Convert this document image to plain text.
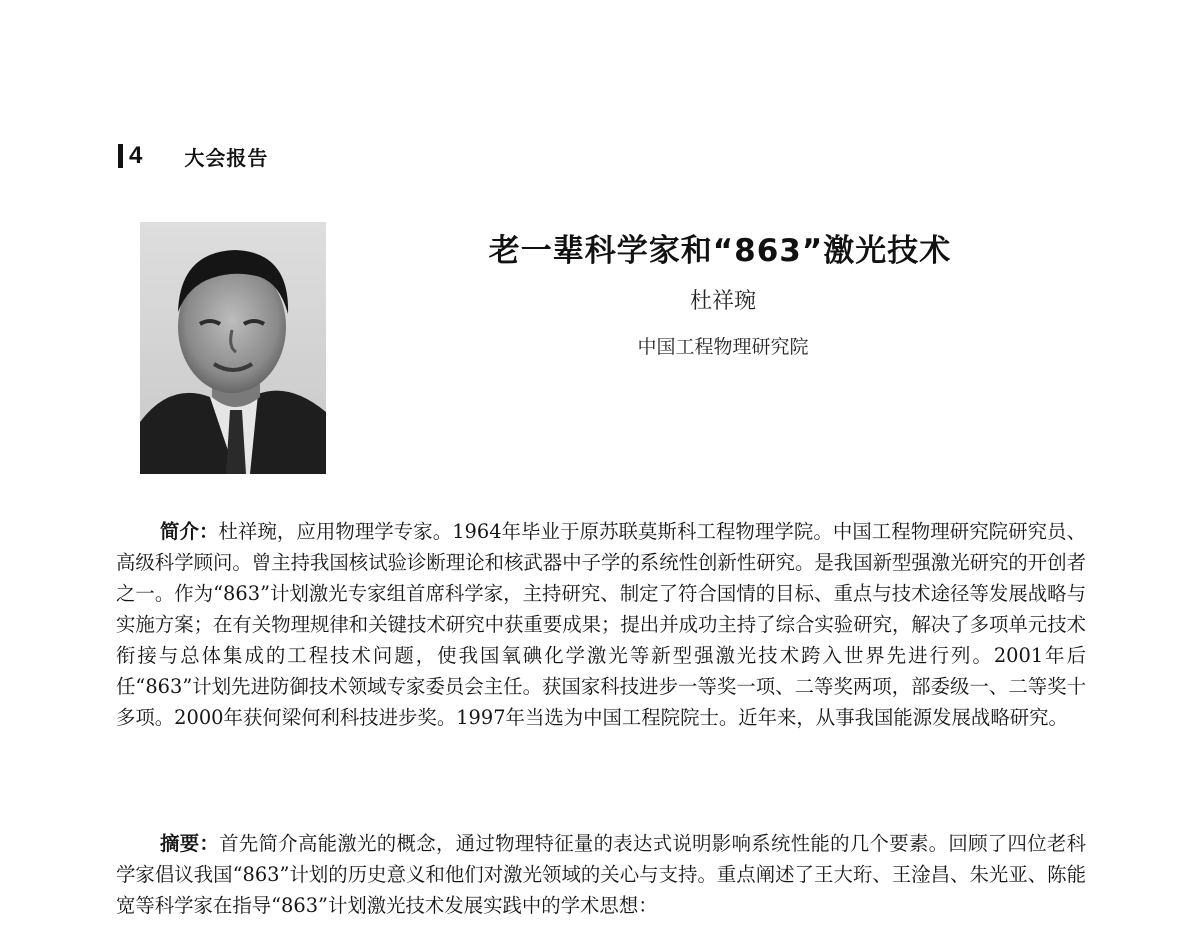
4 大会报告
老一辈科学家和“863”激光技术
杜祥琬
中国工程物理研究院
简介：杜祥琬，应用物理学专家。1964年毕业于原苏联莫斯科工程物理学院。中国工程物理研究院研究员、高级科学顾问。曾主持我国核试验诊断理论和核武器中子学的系统性创新性研究。是我国新型强激光研究的开创者之一。作为“863”计划激光专家组首席科学家，主持研究、制定了符合国情的目标、重点与技术途径等发展战略与实施方案；在有关物理规律和关键技术研究中获重要成果；提出并成功主持了综合实验研究，解决了多项单元技术衔接与总体集成的工程技术问题，使我国氧碘化学激光等新型强激光技术跨入世界先进行列。2001年后任“863”计划先进防御技术领域专家委员会主任。获国家科技进步一等奖一项、二等奖两项，部委级一、二等奖十多项。2000年获何梁何利科技进步奖。1997年当选为中国工程院院士。近年来，从事我国能源发展战略研究。
摘要：首先简介高能激光的概念，通过物理特征量的表达式说明影响系统性能的几个要素。回顾了四位老科学家倡议我国“863”计划的历史意义和他们对激光领域的关心与支持。重点阐述了王大珩、王淦昌、朱光亚、陈能宽等科学家在指导“863”计划激光技术发展实践中的学术思想：
